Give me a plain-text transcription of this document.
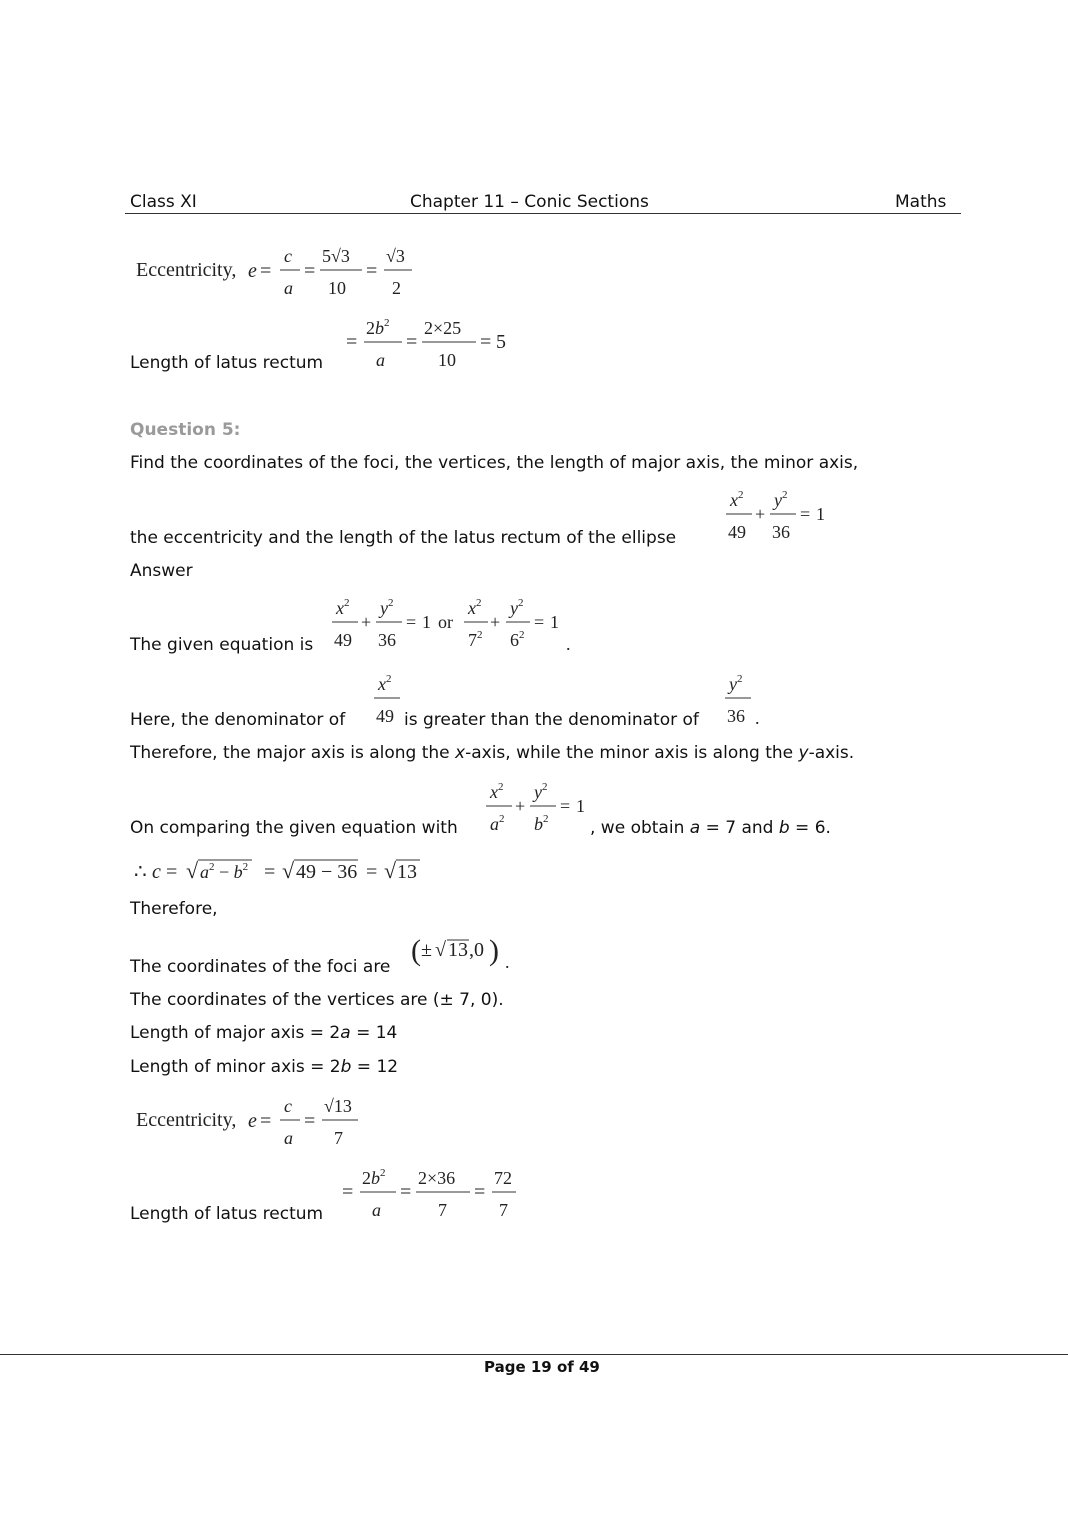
Class XI	Chapter 11 – Conic Sections	Maths
Eccentricity, e =
c
a
=
5√3
10
=
√3
2
Length of latus rectum
=
$2b^2$
a
=
2×25
10
= 5
Question 5:
Find the coordinates of the foci, the vertices, the length of major axis, the minor axis,
the eccentricity and the length of the latus rectum of the ellipse
$x^2$
49
+
$y^2$
36
= 1
Answer
The given equation is
$x^2$
49
+
$y^2$
36
= 1 or
$x^2$
$7^2$
+
$y^2$
$6^2$
= 1
.
Here, the denominator of
$x^2$
49 is greater than the denominator of
$y^2$
36 .
Therefore, the major axis is along the x-axis, while the minor axis is along the y-axis.
On comparing the given equation with
$x^2$
$a^2$
+
$y^2$
$b^2$
= 1
, we obtain a = 7 and b = 6.
∴ c = √ $a^2 - b^2$ = √ 49 − 36 = √ 13
Therefore,
The coordinates of the foci are ( ± √ 13 ,0 ) .
The coordinates of the vertices are (± 7, 0).
Length of major axis = 2a = 14
Length of minor axis = 2b = 12
Eccentricity, e =
c
a
=
√13
7
Length of latus rectum
=
$2b^2$
a
=
2×36
7
=
72
7
Page 19 of 49
